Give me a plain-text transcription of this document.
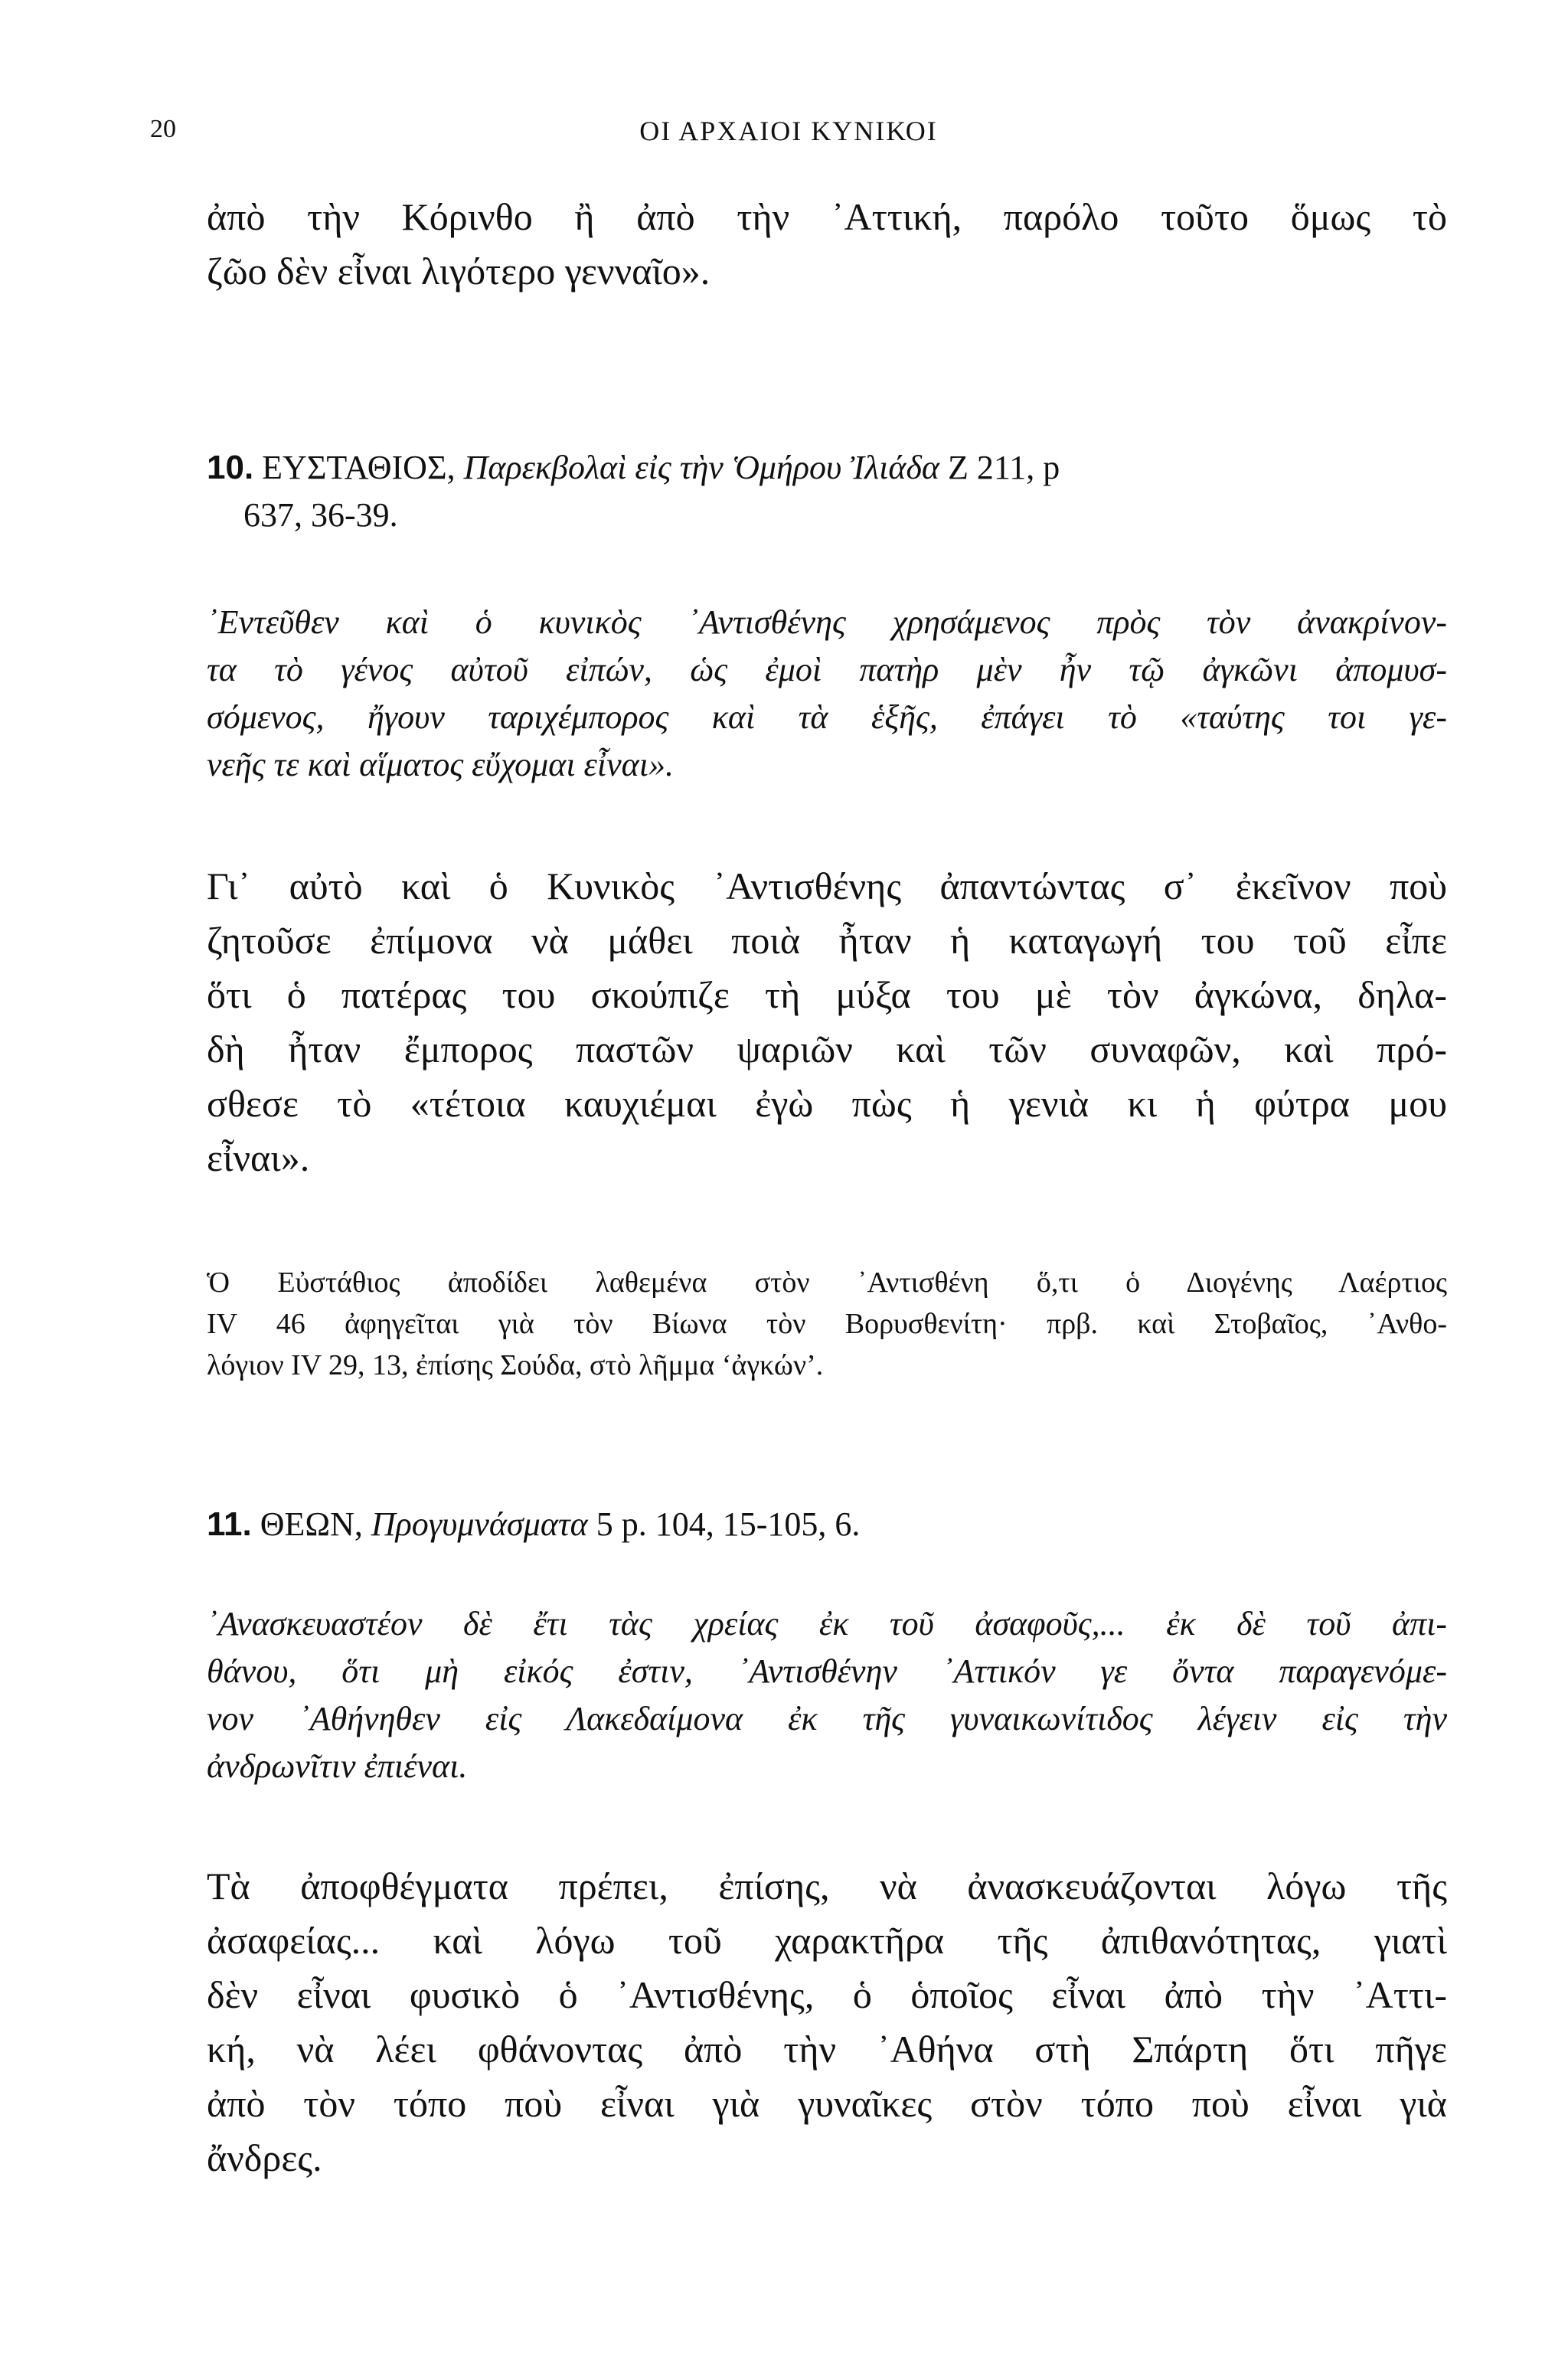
20	ΟΙ ΑΡΧΑΙΟΙ ΚΥΝΙΚΟΙ
ἀπὸ τὴν Κόρινθο ἢ ἀπὸ τὴν ᾿Αττική, παρόλο τοῦτο ὅμως τὸ
ζῶο δὲν εἶναι λιγότερο γενναῖο».
10. ΕΥΣΤΑΘΙΟΣ, Παρεκβολαὶ εἰς τὴν Ὁμήρου Ἰλιάδα Ζ 211, p
637, 36-39.
᾿Εντεῦθεν καὶ ὁ κυνικὸς ᾿Αντισθένης χρησάμενος πρὸς τὸν ἀνακρίνον-
τα τὸ γένος αὐτοῦ εἰπών, ὡς ἐμοὶ πατὴρ μὲν ἦν τῷ ἀγκῶνι ἀπομυσ-
σόμενος, ἤγουν ταριχέμπορος καὶ τὰ ἑξῆς, ἐπάγει τὸ «ταύτης τοι γε-
νεῆς τε καὶ αἵματος εὔχομαι εἶναι».
Γι᾿ αὐτὸ καὶ ὁ Κυνικὸς ᾿Αντισθένης ἀπαντώντας σ᾿ ἐκεῖνον ποὺ
ζητοῦσε ἐπίμονα νὰ μάθει ποιὰ ἦταν ἡ καταγωγή του τοῦ εἶπε
ὅτι ὁ πατέρας του σκούπιζε τὴ μύξα του μὲ τὸν ἀγκώνα, δηλα-
δὴ ἦταν ἔμπορος παστῶν ψαριῶν καὶ τῶν συναφῶν, καὶ πρό-
σθεσε τὸ «τέτοια καυχιέμαι ἐγὼ πὼς ἡ γενιὰ κι ἡ φύτρα μου
εἶναι».
Ὁ Εὐστάθιος ἀποδίδει λαθεμένα στὸν ᾿Αντισθένη ὅ,τι ὁ Διογένης Λαέρτιος
IV 46 ἀφηγεῖται γιὰ τὸν Βίωνα τὸν Βορυσθενίτη· πρβ. καὶ Στοβαῖος, ᾿Ανθο-
λόγιον IV 29, 13, ἐπίσης Σούδα, στὸ λῆμμα ‘ἀγκών’.
11. ΘΕΩΝ, Προγυμνάσματα 5 p. 104, 15-105, 6.
᾿Ανασκευαστέον δὲ ἔτι τὰς χρείας ἐκ τοῦ ἀσαφοῦς,... ἐκ δὲ τοῦ ἀπι-
θάνου, ὅτι μὴ εἰκός ἐστιν, ᾿Αντισθένην ᾿Αττικόν γε ὄντα παραγενόμε-
νον ᾿Αθήνηθεν εἰς Λακεδαίμονα ἐκ τῆς γυναικωνίτιδος λέγειν εἰς τὴν
ἀνδρωνῖτιν ἐπιέναι.
Τὰ ἀποφθέγματα πρέπει, ἐπίσης, νὰ ἀνασκευάζονται λόγω τῆς
ἀσαφείας... καὶ λόγω τοῦ χαρακτῆρα τῆς ἀπιθανότητας, γιατὶ
δὲν εἶναι φυσικὸ ὁ ᾿Αντισθένης, ὁ ὁποῖος εἶναι ἀπὸ τὴν ᾿Αττι-
κή, νὰ λέει φθάνοντας ἀπὸ τὴν ᾿Αθήνα στὴ Σπάρτη ὅτι πῆγε
ἀπὸ τὸν τόπο ποὺ εἶναι γιὰ γυναῖκες στὸν τόπο ποὺ εἶναι γιὰ
ἄνδρες.
